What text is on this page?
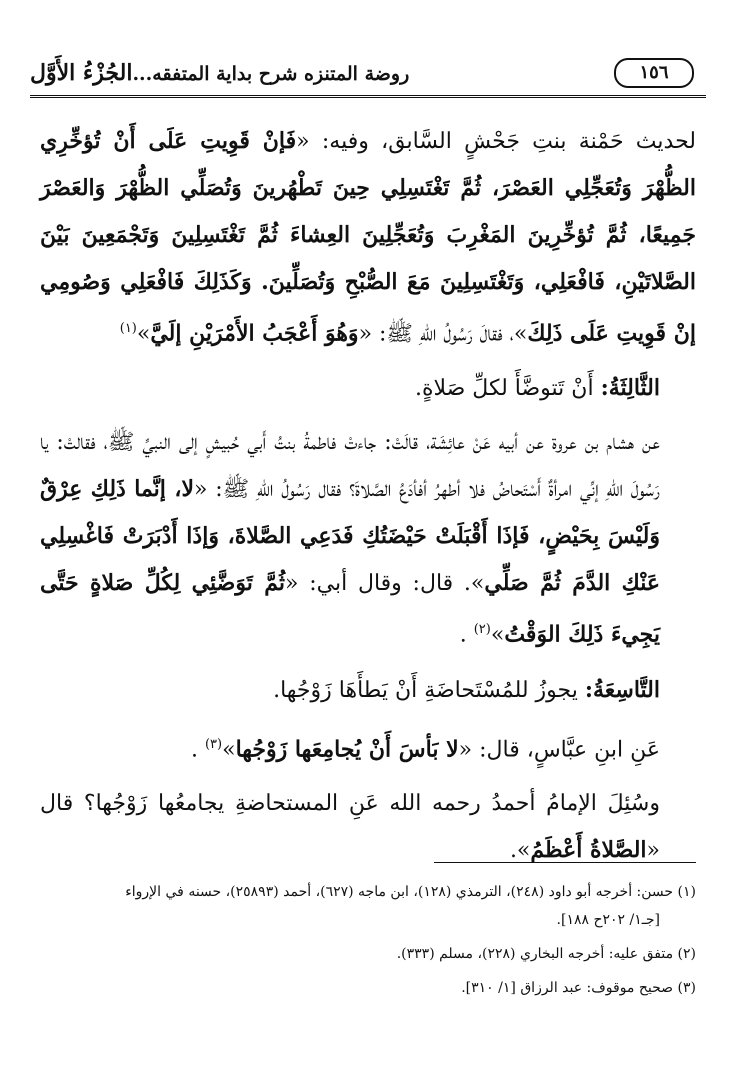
١٥٦
روضة المتنزه شرح بداية المتفقه...الجُزْءُ الأَوَّل

لحديث حَمْنة بنتِ جَحْشٍ السَّابق، وفيه: «فَإنْ قَوِيتِ عَلَى أَنْ تُؤخِّرِي الظُّهْرَ وَتُعَجِّلِي العَصْرَ، ثُمَّ تَغْتَسِلِي حِينَ تَطْهُرينَ وَتُصَلِّي الظُّهْرَ وَالعَصْرَ جَمِيعًا، ثُمَّ تُؤخِّرِينَ المَغْرِبَ وَتُعَجِّلِينَ العِشاءَ ثُمَّ تَغْتَسِلِينَ وَتَجْمَعِينَ بَيْنَ الصَّلاتَيْنِ، فَافْعَلِي، وَتَغْتَسِلِينَ مَعَ الصُّبْحِ وَتُصَلِّينَ. وَكَذَلِكَ فَافْعَلِي وَصُومِي إنْ قَوِيتِ عَلَى ذَلِكَ»، فقالَ رَسُولُ اللهِ ﷺ: «وَهُوَ أَعْجَبُ الأَمْرَيْنِ إلَيَّ»$^{(١)}$

الثَّالِثَةُ: أَنْ تَتوضَّأَ لكلِّ صَلاةٍ.

عن هشام بن عروة عن أبيه عَنْ عائِشَة، قالَتْ: جاءتْ فاطمةُ بنتُ أَبي حُبيشٍ إلى النبيِّ ﷺ، فقالتْ: يا رَسُولَ اللهِ إنِّي امرأةٌ أَسْتَحاضُ فلا أطهرُ أفأدَعُ الصَّلاةَ؟ فقال رَسُولُ اللهِ ﷺ: «لا، إنَّما ذَلِكِ عِرْقٌ وَلَيْسَ بِحَيْضٍ، فَإذَا أَقْبَلَتْ حَيْضَتُكِ فَدَعِي الصَّلاةَ، وَإذَا أَدْبَرَتْ فَاغْسِلِي عَنْكِ الدَّمَ ثُمَّ صَلِّي». قال: وقال أبي: «ثُمَّ تَوَضَّئِي لِكُلِّ صَلاةٍ حَتَّى يَجِيءَ ذَلِكَ الوَقْتُ»$^{(٢)}$ .

التَّاسِعَةُ: يجوزُ للمُسْتَحاضَةِ أَنْ يَطأَهَا زَوْجُها.

عَنِ ابنِ عبَّاسٍ، قال: «لا بَأسَ أَنْ يُجامِعَها زَوْجُها»$^{(٣)}$ .

وسُئِلَ الإمامُ أحمدُ رحمه الله عَنِ المستحاضةِ يجامعُها زَوْجُها؟ قال «الصَّلاةُ أَعْظَمُ».

(١) حسن: أخرجه أبو داود (٢٤٨)، الترمذي (١٢٨)، ابن ماجه (٦٢٧)، أحمد (٢٥٨٩٣)، حسنه في الإرواء
[جـ١/ ٢٠٢ح ١٨٨].
(٢) متفق عليه: أخرجه البخاري (٢٢٨)، مسلم (٣٣٣).
(٣) صحيح موقوف: عبد الرزاق [١/ ٣١٠].
